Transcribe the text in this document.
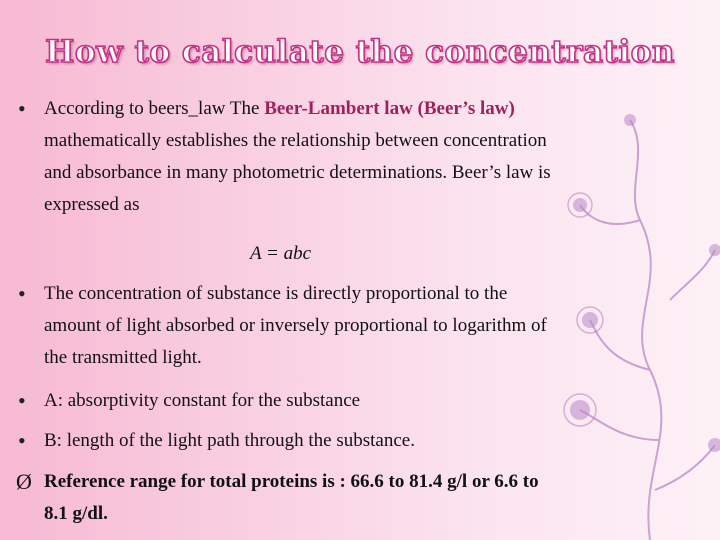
How to calculate the concentration
• According to beers_law The Beer-Lambert law (Beer’s law) mathematically establishes the relationship between concentration and absorbance in many photometric determinations. Beer’s law is expressed as
A = abc
• The concentration of substance is directly proportional to the amount of light absorbed or inversely proportional to logarithm of the transmitted light.
• A: absorptivity constant for the substance
• B: length of the light path through the substance.
Ø Reference range for total proteins is : 66.6 to 81.4 g/l or 6.6 to 8.1 g/dl.
